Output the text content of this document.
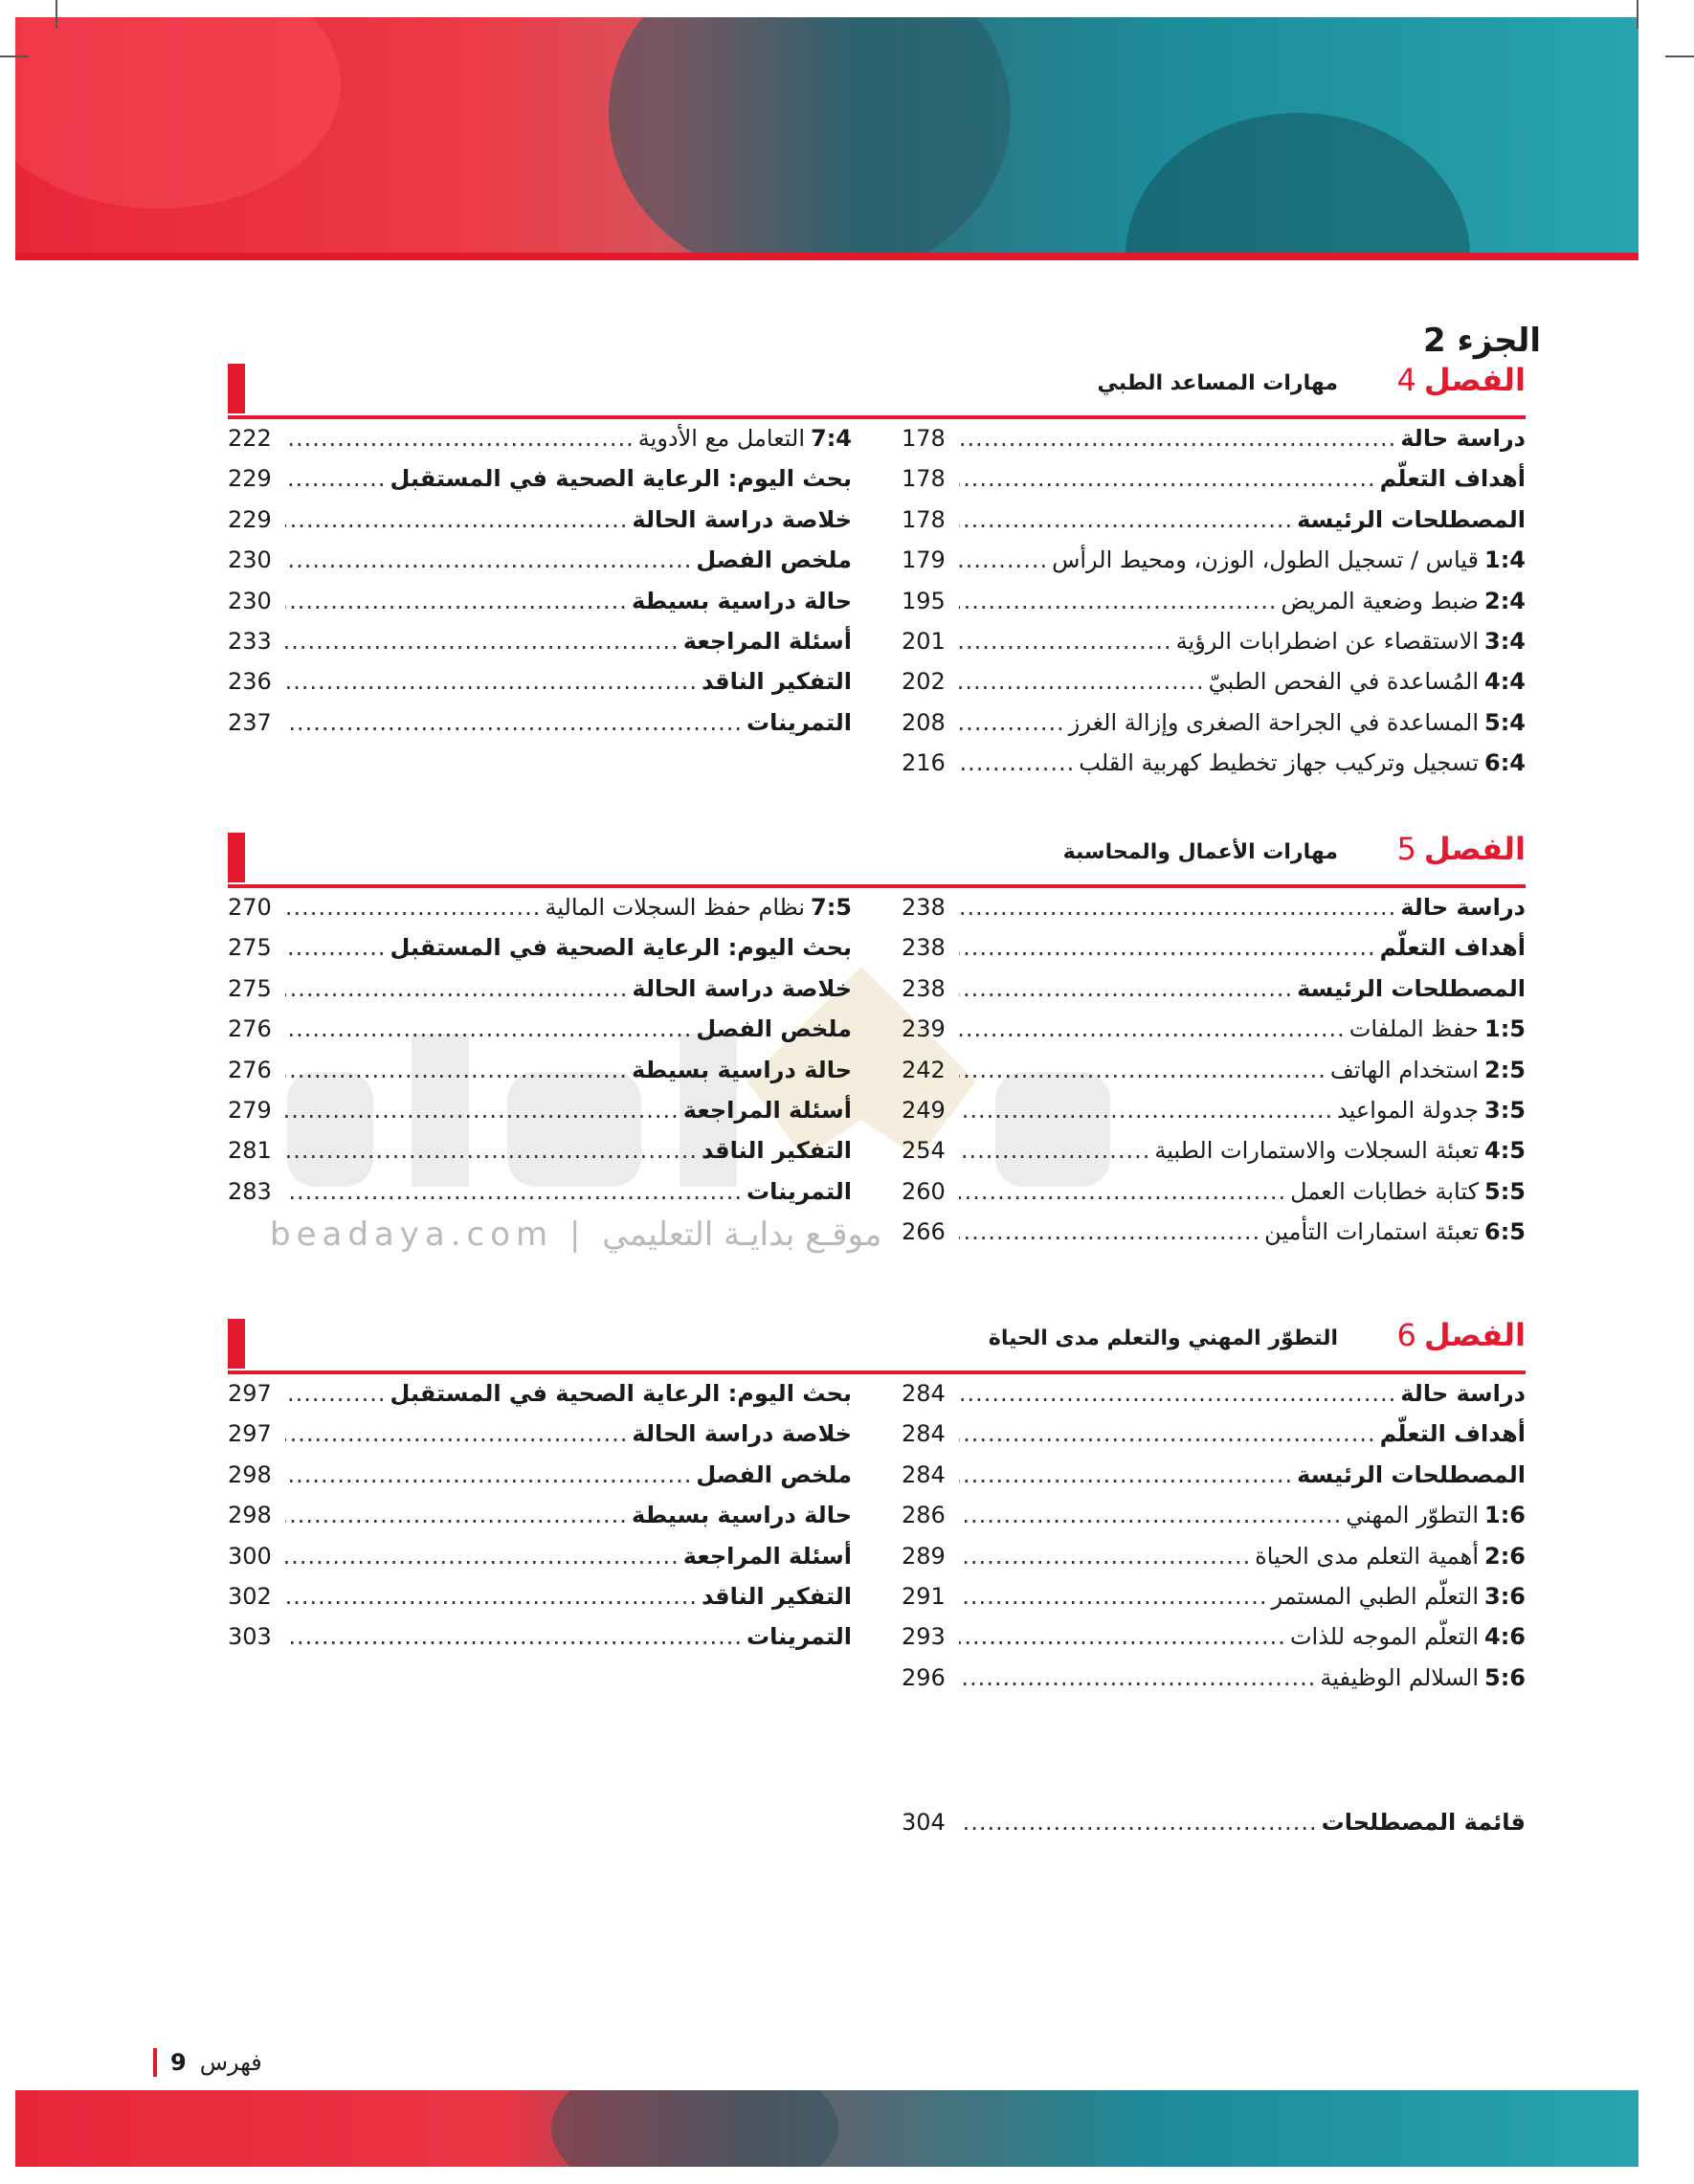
الجزء 2
beadaya.com | موقـع بدايـة التعليمي
الفصل4
مهارات المساعد الطبي
دراسة حالة
.....
178
أهداف التعلّم
.....
178
المصطلحات الرئيسة
.....
178
1:4قياس / تسجيل الطول، الوزن، ومحيط الرأس
.....
179
2:4ضبط وضعية المريض
.....
195
3:4الاستقصاء عن اضطرابات الرؤية
.....
201
4:4المُساعدة في الفحص الطبيّ
.....
202
5:4المساعدة في الجراحة الصغرى وإزالة الغرز
.....
208
6:4تسجيل وتركيب جهاز تخطيط كهربية القلب
.....
216
7:4التعامل مع الأدوية
.....
222
بحث اليوم: الرعاية الصحية في المستقبل
.....
229
خلاصة دراسة الحالة
.....
229
ملخص الفصل
.....
230
حالة دراسية بسيطة
.....
230
أسئلة المراجعة
.....
233
التفكير الناقد
.....
236
التمرينات
.....
237
الفصل5
مهارات الأعمال والمحاسبة
دراسة حالة
.....
238
أهداف التعلّم
.....
238
المصطلحات الرئيسة
.....
238
1:5حفظ الملفات
.....
239
2:5استخدام الهاتف
.....
242
3:5جدولة المواعيد
.....
249
4:5تعبئة السجلات والاستمارات الطبية
.....
254
5:5كتابة خطابات العمل
.....
260
6:5تعبئة استمارات التأمين
.....
266
7:5نظام حفظ السجلات المالية
.....
270
بحث اليوم: الرعاية الصحية في المستقبل
.....
275
خلاصة دراسة الحالة
.....
275
ملخص الفصل
.....
276
حالة دراسية بسيطة
.....
276
أسئلة المراجعة
.....
279
التفكير الناقد
.....
281
التمرينات
.....
283
الفصل6
التطوّر المهني والتعلم مدى الحياة
دراسة حالة
.....
284
أهداف التعلّم
.....
284
المصطلحات الرئيسة
.....
284
1:6التطوّر المهني
.....
286
2:6أهمية التعلم مدى الحياة
.....
289
3:6التعلّم الطبي المستمر
.....
291
4:6التعلّم الموجه للذات
.....
293
5:6السلالم الوظيفية
.....
296
بحث اليوم: الرعاية الصحية في المستقبل
.....
297
خلاصة دراسة الحالة
.....
297
ملخص الفصل
.....
298
حالة دراسية بسيطة
.....
298
أسئلة المراجعة
.....
300
التفكير الناقد
.....
302
التمرينات
.....
303
قائمة المصطلحات
.....
304
فهرس
9
